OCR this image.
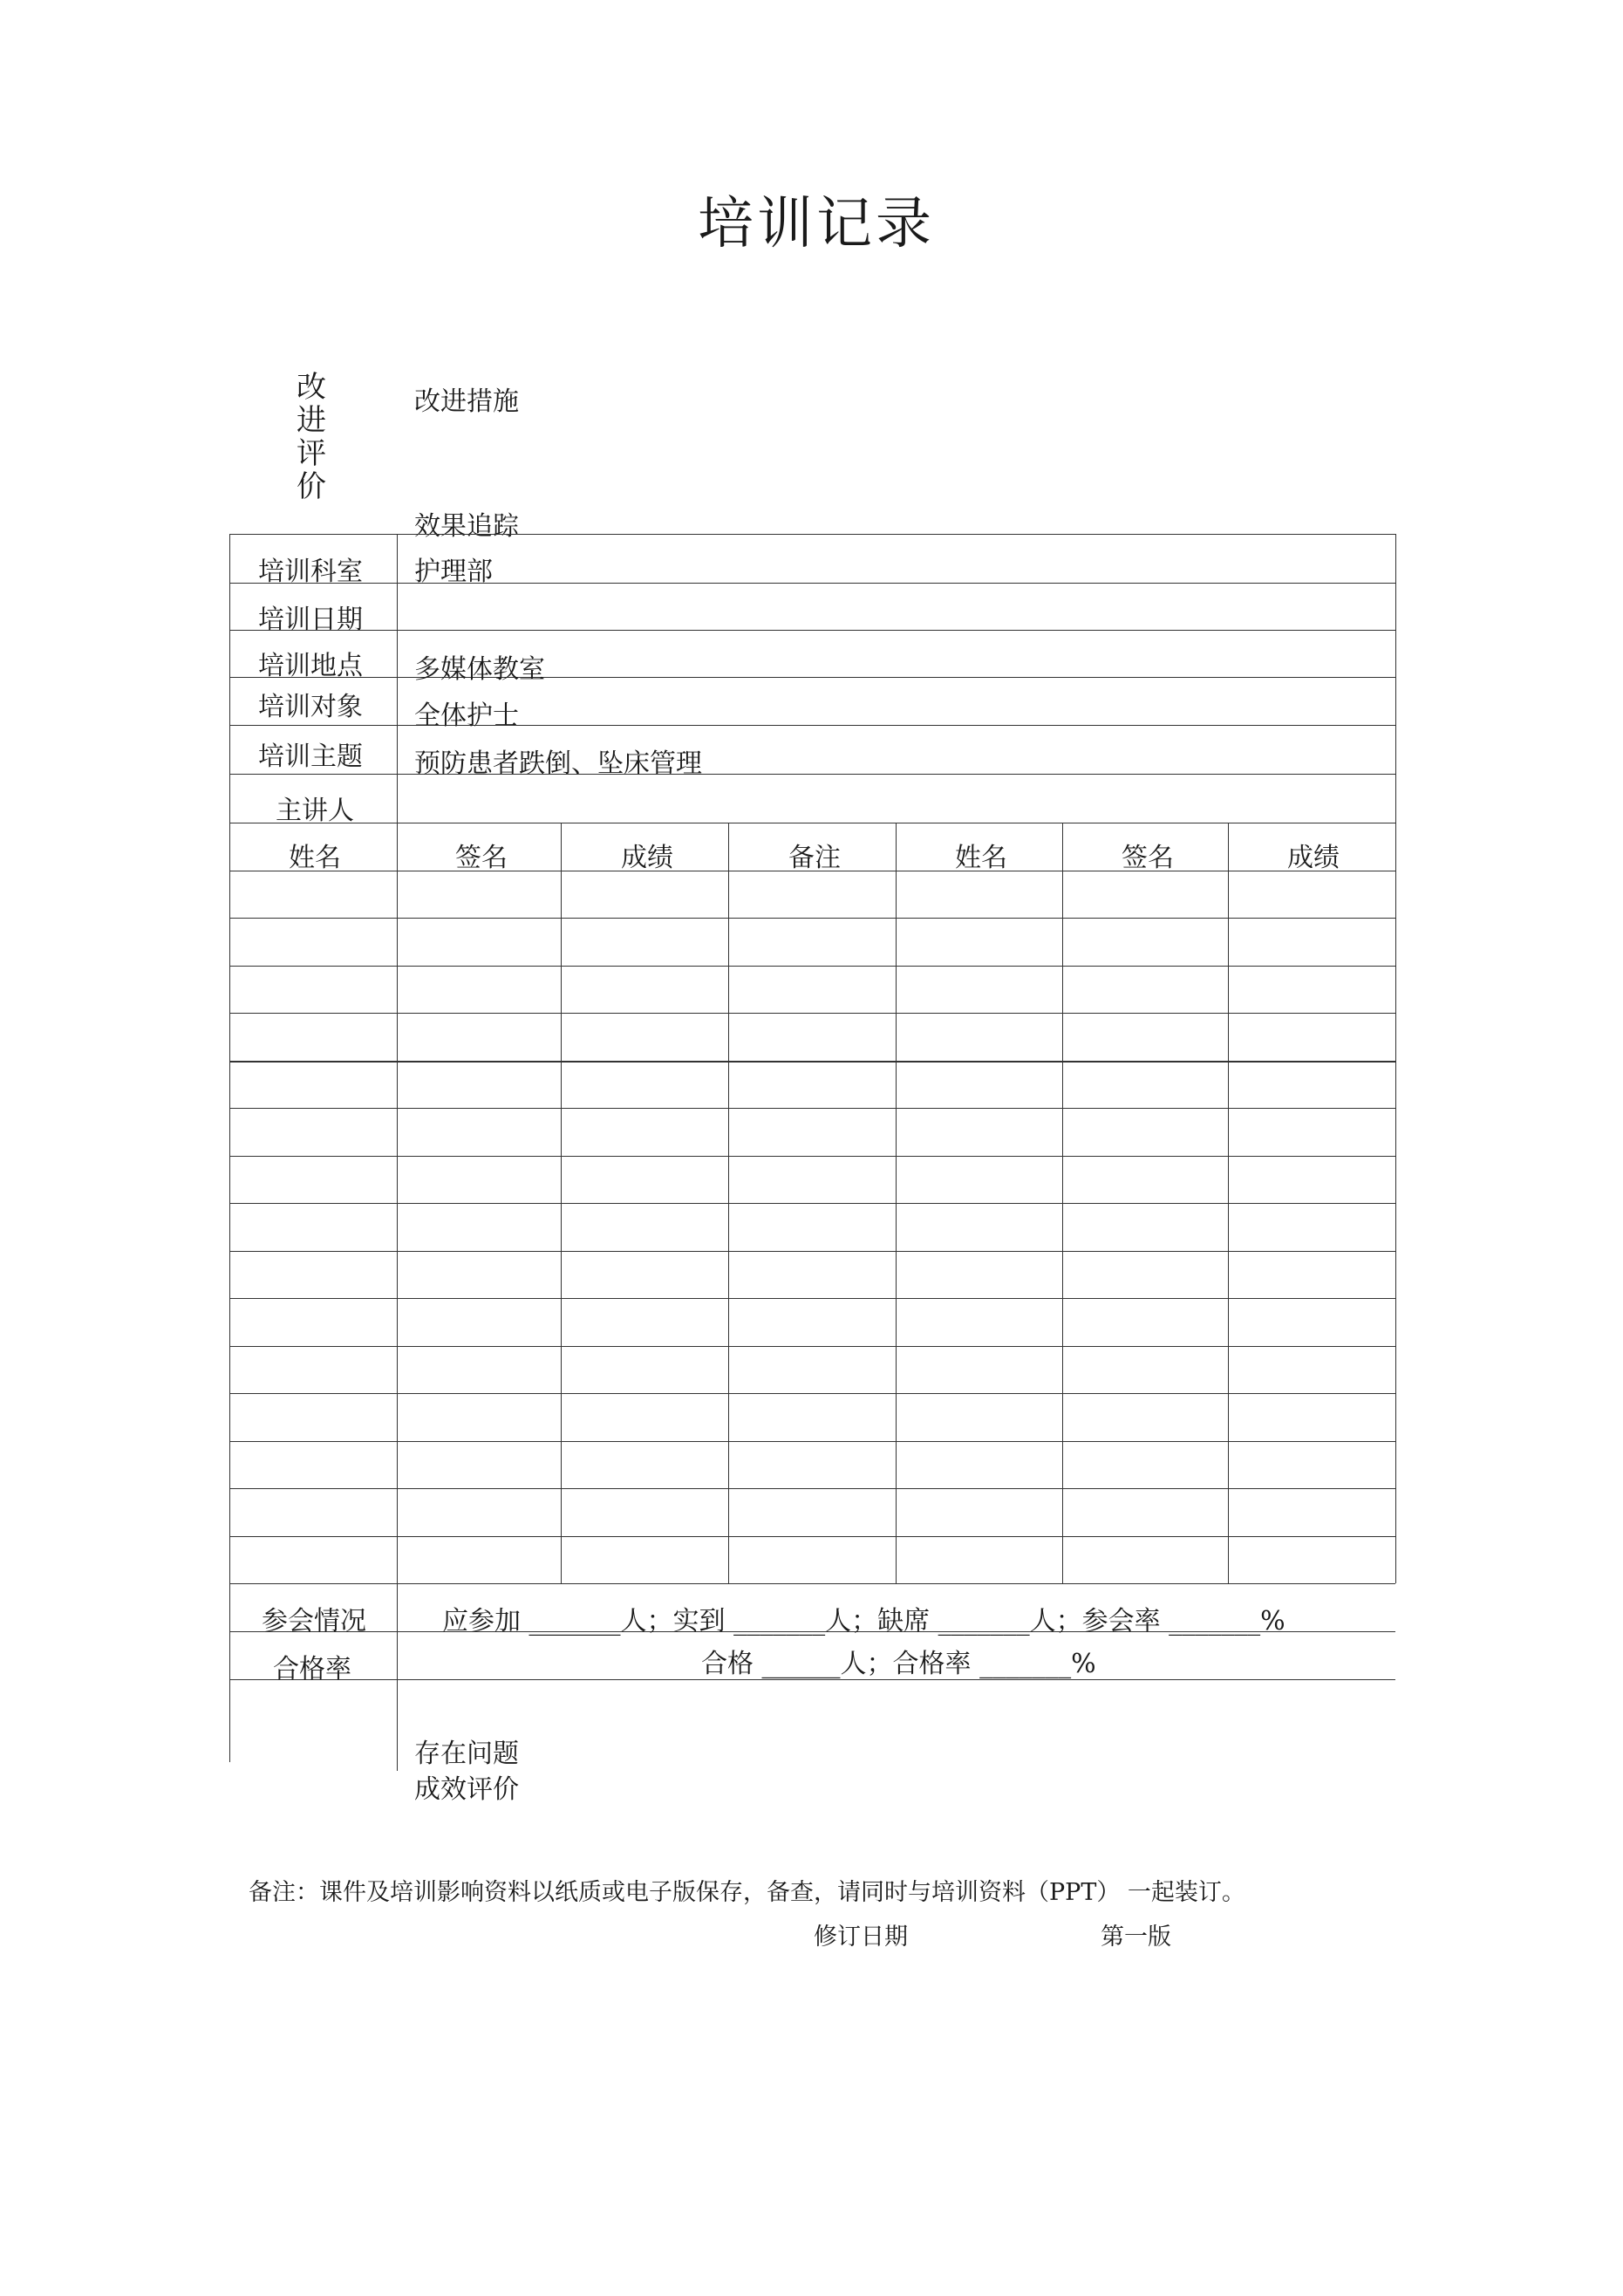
培训记录
改
进
评
价
改进措施
效果追踪
培训科室 护理部
培训日期
培训地点 多媒体教室
培训对象 全体护士
培训主题 预防患者跌倒、坠床管理
主讲人
姓名	签名	成绩	备注	姓名	签名	成绩
参会情况	应参加 _______人；实到 _______人；缺席 _______人；参会率 _______%
合格率	合格 ______人；合格率 _______%
存在问题
成效评价
备注：课件及培训影响资料以纸质或电子版保存，备查，请同时与培训资料（PPT） 一起装订。
修订日期	第一版
